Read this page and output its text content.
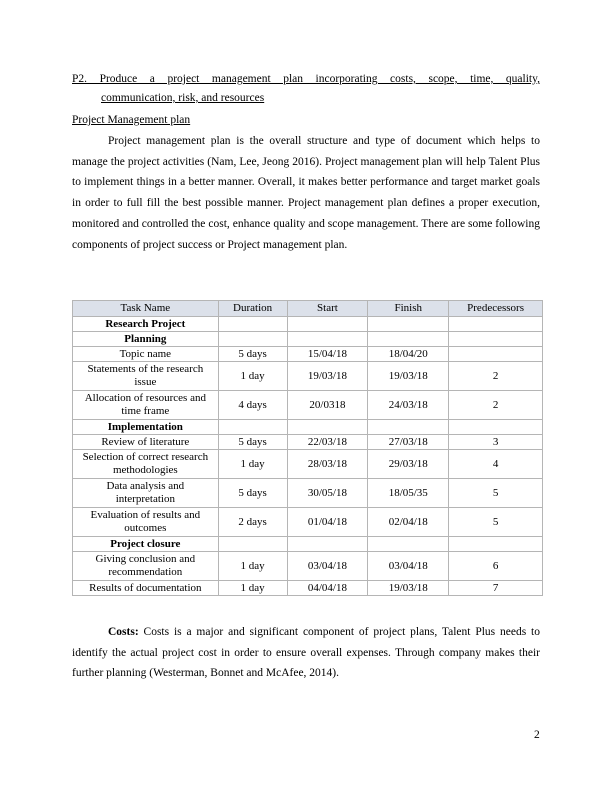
P2. Produce a project management plan incorporating costs, scope, time, quality,
communication, risk, and resources
Project Management plan

Project management plan is the overall structure and type of document which helps to manage the project activities (Nam, Lee, Jeong 2016). Project management plan will help Talent Plus to implement things in a better manner. Overall, it makes better performance and target market goals in order to full fill the best possible manner. Project management plan defines a proper execution, monitored and controlled the cost, enhance quality and scope management. There are some following components of project success or Project management plan.

Task Name	Duration	Start	Finish	Predecessors
Research Project				
Planning				
Topic name	5 days	15/04/18	18/04/20	
Statements of the research issue	1 day	19/03/18	19/03/18	2
Allocation of resources and time frame	4 days	20/0318	24/03/18	2
Implementation				
Review of literature	5 days	22/03/18	27/03/18	3
Selection of correct research methodologies	1 day	28/03/18	29/03/18	4
Data analysis and interpretation	5 days	30/05/18	18/05/35	5
Evaluation of results and outcomes	2 days	01/04/18	02/04/18	5
Project closure				
Giving conclusion and recommendation	1 day	03/04/18	03/04/18	6
Results of documentation	1 day	04/04/18	19/03/18	7

Costs: Costs is a major and significant component of project plans, Talent Plus needs to identify the actual project cost in order to ensure overall expenses. Through company makes their further planning (Westerman, Bonnet and McAfee, 2014).

2
